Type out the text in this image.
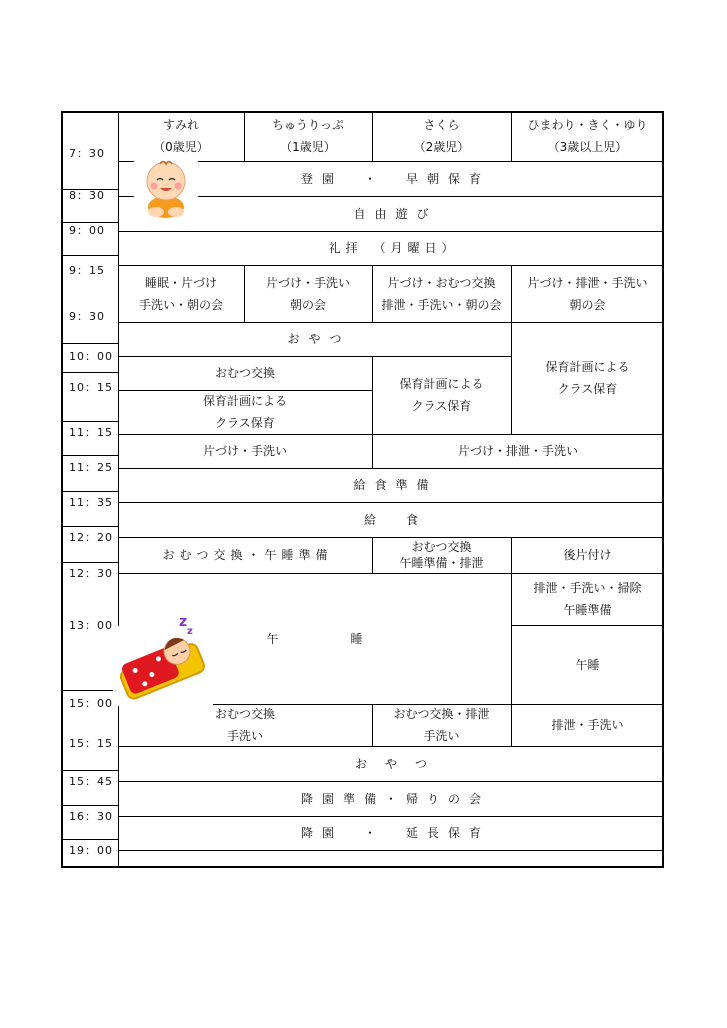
7：30
8：30
9：00
9：15
9：30
10：00
10：15
11：15
11：25
11：35
12：20
12：30
13：00
15：00
15：15
15：45
16：30
19：00
すみれ
（0歳児）
ちゅうりっぷ
（1歳児）
さくら
（2歳児）
ひまわり・きく・ゆり
（3歳以上児）
登園　・　早朝保育
自由遊び
礼拝　（月曜日）
睡眠・片づけ
手洗い・朝の会
片づけ・手洗い
朝の会
片づけ・おむつ交換
排泄・手洗い・朝の会
片づけ・排泄・手洗い
朝の会
おやつ
保育計画による
クラス保育
おむつ交換
保育計画による
クラス保育
保育計画による
クラス保育
片づけ・手洗い	片づけ・排泄・手洗い
給食準備
給　食
おむつ交換・午睡準備
おむつ交換
午睡準備・排泄
後片付け
午　睡
排泄・手洗い・掃除
午睡準備
午睡
おむつ交換
手洗い
おむつ交換・排泄
手洗い
排泄・手洗い
おやつ
降園準備・帰りの会
降園　・　延長保育
z
z
